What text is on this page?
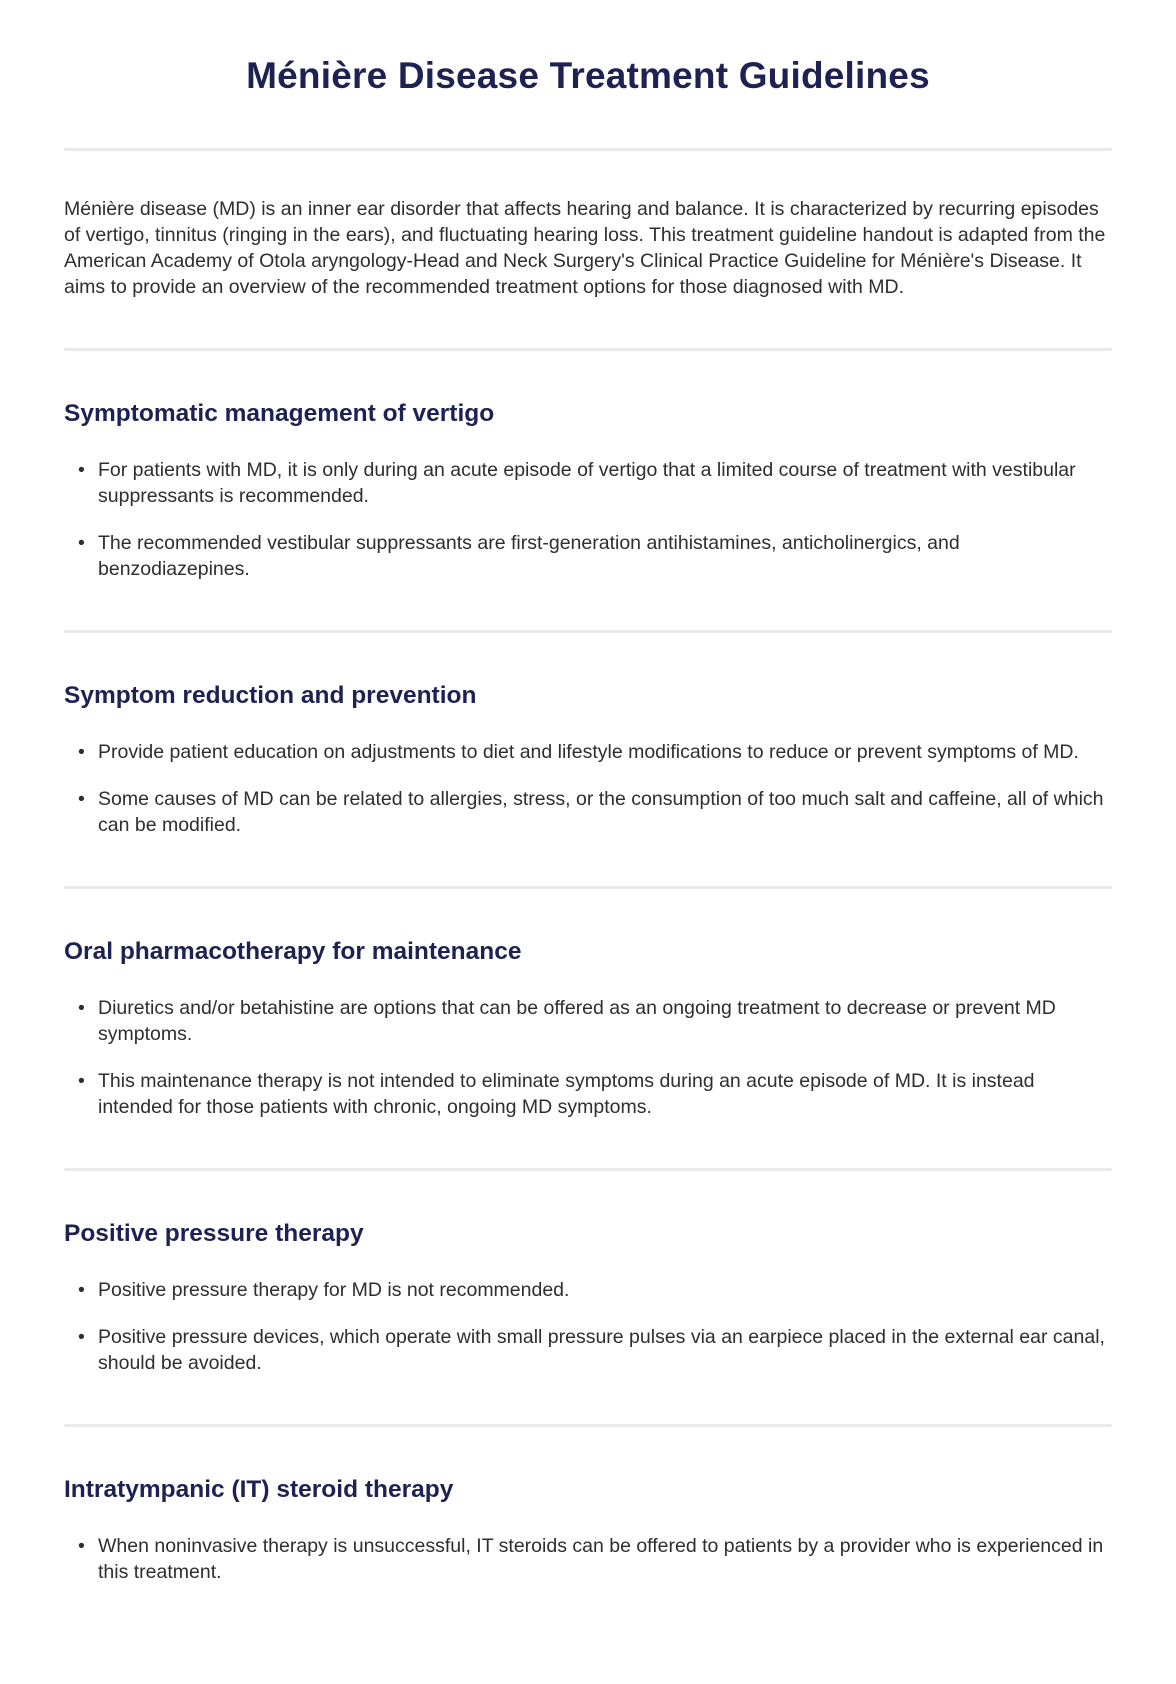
Ménière Disease Treatment Guidelines

Ménière disease (MD) is an inner ear disorder that affects hearing and balance. It is characterized by recurring episodes of vertigo, tinnitus (ringing in the ears), and fluctuating hearing loss. This treatment guideline handout is adapted from the American Academy of Otola aryngology-Head and Neck Surgery's Clinical Practice Guideline for Ménière's Disease. It aims to provide an overview of the recommended treatment options for those diagnosed with MD.

Symptomatic management of vertigo
• For patients with MD, it is only during an acute episode of vertigo that a limited course of treatment with vestibular suppressants is recommended.
• The recommended vestibular suppressants are first-generation antihistamines, anticholinergics, and benzodiazepines.
Symptom reduction and prevention
• Provide patient education on adjustments to diet and lifestyle modifications to reduce or prevent symptoms of MD.
• Some causes of MD can be related to allergies, stress, or the consumption of too much salt and caffeine, all of which can be modified.
Oral pharmacotherapy for maintenance
• Diuretics and/or betahistine are options that can be offered as an ongoing treatment to decrease or prevent MD symptoms.
• This maintenance therapy is not intended to eliminate symptoms during an acute episode of MD. It is instead intended for those patients with chronic, ongoing MD symptoms.
Positive pressure therapy
• Positive pressure therapy for MD is not recommended.
• Positive pressure devices, which operate with small pressure pulses via an earpiece placed in the external ear canal, should be avoided.
Intratympanic (IT) steroid therapy
• When noninvasive therapy is unsuccessful, IT steroids can be offered to patients by a provider who is experienced in this treatment.
